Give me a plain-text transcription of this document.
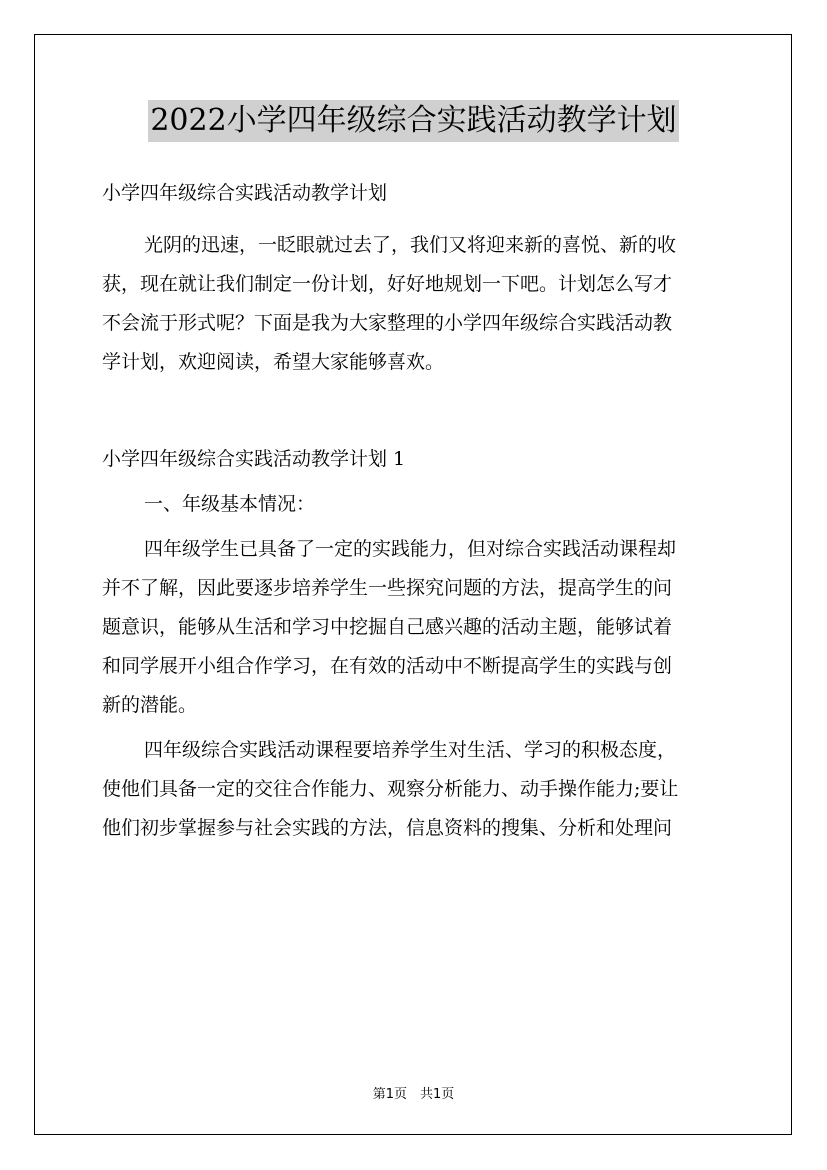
2022小学四年级综合实践活动教学计划
小学四年级综合实践活动教学计划
光阴的迅速，一眨眼就过去了，我们又将迎来新的喜悦、新的收
获，现在就让我们制定一份计划，好好地规划一下吧。计划怎么写才
不会流于形式呢？下面是我为大家整理的小学四年级综合实践活动教
学计划，欢迎阅读，希望大家能够喜欢。
小学四年级综合实践活动教学计划 1
一、年级基本情况：
四年级学生已具备了一定的实践能力，但对综合实践活动课程却
并不了解，因此要逐步培养学生一些探究问题的方法，提高学生的问
题意识，能够从生活和学习中挖掘自己感兴趣的活动主题，能够试着
和同学展开小组合作学习，在有效的活动中不断提高学生的实践与创
新的潜能。
四年级综合实践活动课程要培养学生对生活、学习的积极态度，
使他们具备一定的交往合作能力、观察分析能力、动手操作能力;要让
他们初步掌握参与社会实践的方法，信息资料的搜集、分析和处理问
第1页　共1页
